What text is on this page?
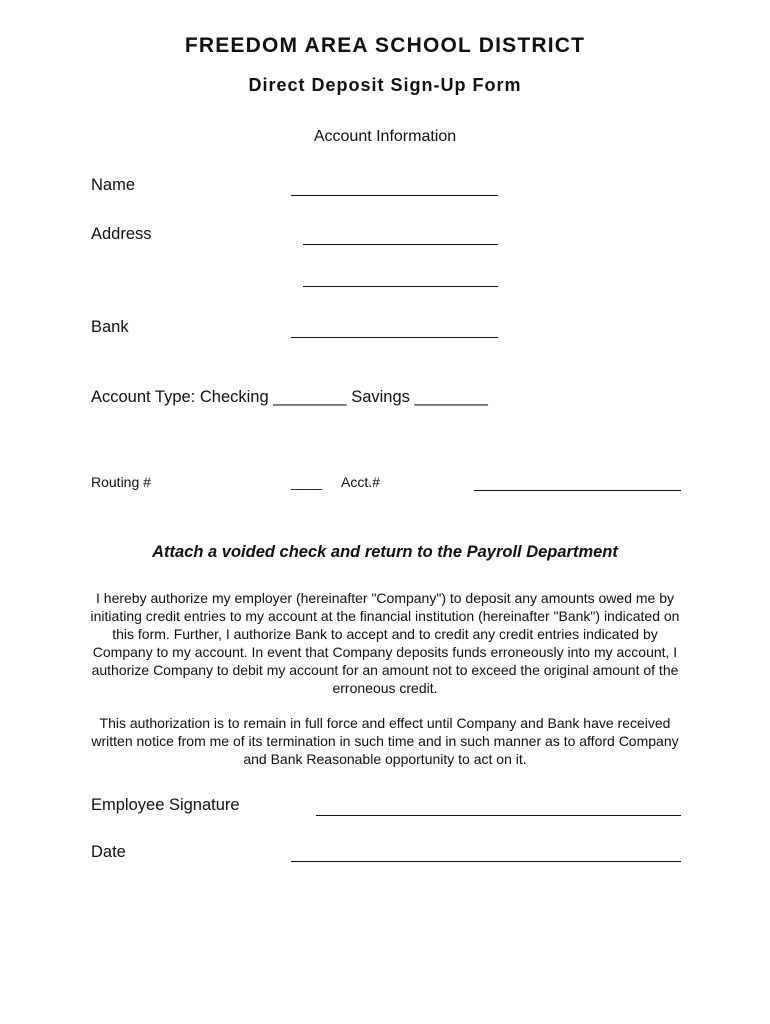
FREEDOM AREA SCHOOL DISTRICT
Direct Deposit Sign-Up Form
Account Information
Name
Address
Bank
Account Type: Checking ________ Savings ________
Routing #	____ Acct.#
Attach a voided check and return to the Payroll Department
I hereby authorize my employer (hereinafter "Company") to deposit any amounts owed me by initiating credit entries to my account at the financial institution (hereinafter "Bank") indicated on this form. Further, I authorize Bank to accept and to credit any credit entries indicated by Company to my account. In event that Company deposits funds erroneously into my account, I authorize Company to debit my account for an amount not to exceed the original amount of the erroneous credit.
This authorization is to remain in full force and effect until Company and Bank have received written notice from me of its termination in such time and in such manner as to afford Company and Bank Reasonable opportunity to act on it.
Employee Signature
Date
